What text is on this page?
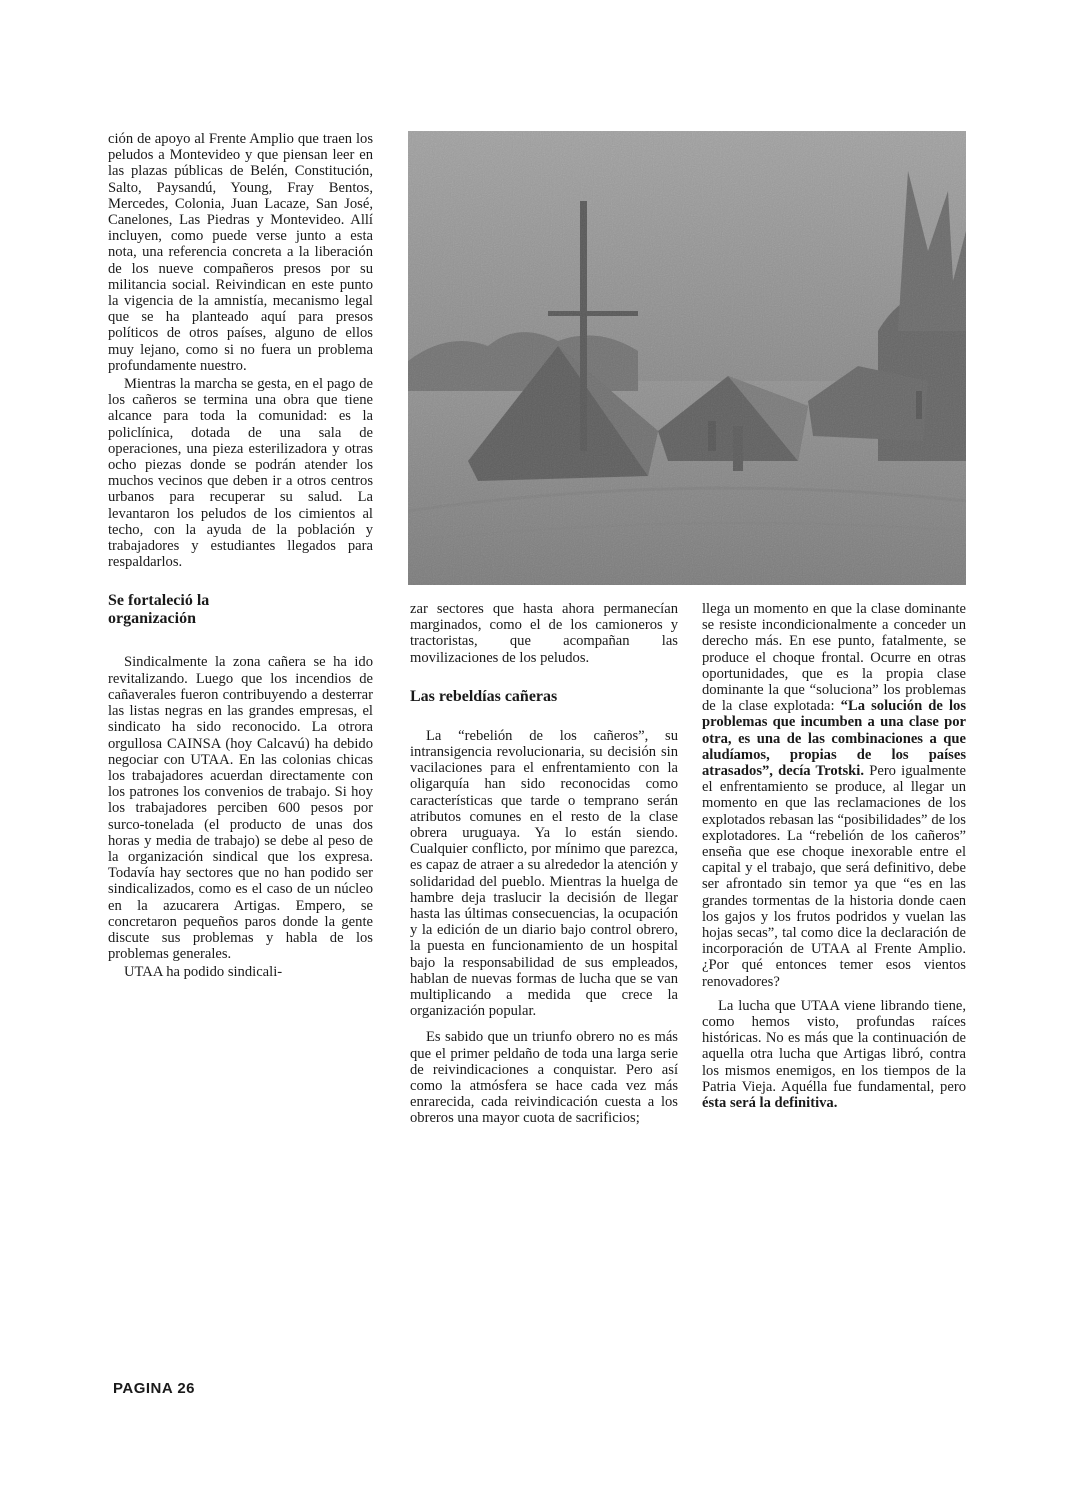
ción de apoyo al Frente Amplio que traen los peludos a Montevideo y que piensan leer en las plazas públicas de Belén, Constitución, Salto, Paysandú, Young, Fray Bentos, Mercedes, Colonia, Juan Lacaze, San José, Canelones, Las Piedras y Montevideo. Allí incluyen, como puede verse junto a esta nota, una referencia concreta a la liberación de los nueve compañeros presos por su militancia social. Reivindican en este punto la vigencia de la amnistía, mecanismo legal que se ha planteado aquí para presos políticos de otros países, alguno de ellos muy lejano, como si no fuera un problema profundamente nuestro.

Mientras la marcha se gesta, en el pago de los cañeros se termina una obra que tiene alcance para toda la comunidad: es la policlínica, dotada de una sala de operaciones, una pieza esterilizadora y otras ocho piezas donde se podrán atender los muchos vecinos que deben ir a otros centros urbanos para recuperar su salud. La levantaron los peludos de los cimientos al techo, con la ayuda de la población y trabajadores y estudiantes llegados para respaldarlos.

Se fortaleció la organización

Sindicalmente la zona cañera se ha ido revitalizando. Luego que los incendios de cañaverales fueron contribuyendo a desterrar las listas negras en las grandes empresas, el sindicato ha sido reconocido. La otrora orgullosa CAINSA (hoy Calcavú) ha debido negociar con UTAA. En las colonias chicas los trabajadores acuerdan directamente con los patrones los convenios de trabajo. Si hoy los trabajadores perciben 600 pesos por surco-tonelada (el producto de unas dos horas y media de trabajo) se debe al peso de la organización sindical que los expresa. Todavía hay sectores que no han podido ser sindicalizados, como es el caso de un núcleo en la azucarera Artigas. Empero, se concretaron pequeños paros donde la gente discute sus problemas y habla de los problemas generales.

UTAA ha podido sindicali-

zar sectores que hasta ahora permanecían marginados, como el de los camioneros y tractoristas, que acompañan las movilizaciones de los peludos.

Las rebeldías cañeras

La “rebelión de los cañeros”, su intransigencia revolucionaria, su decisión sin vacilaciones para el enfrentamiento con la oligarquía han sido reconocidas como características que tarde o temprano serán atributos comunes en el resto de la clase obrera uruguaya. Ya lo están siendo. Cualquier conflicto, por mínimo que parezca, es capaz de atraer a su alrededor la atención y solidaridad del pueblo. Mientras la huelga de hambre deja traslucir la decisión de llegar hasta las últimas consecuencias, la ocupación y la edición de un diario bajo control obrero, la puesta en funcionamiento de un hospital bajo la responsabilidad de sus empleados, hablan de nuevas formas de lucha que se van multiplicando a medida que crece la organización popular.

Es sabido que un triunfo obrero no es más que el primer peldaño de toda una larga serie de reivindicaciones a conquistar. Pero así como la atmósfera se hace cada vez más enrarecida, cada reivindicación cuesta a los obreros una mayor cuota de sacrificios;

llega un momento en que la clase dominante se resiste incondicionalmente a conceder un derecho más. En ese punto, fatalmente, se produce el choque frontal. Ocurre en otras oportunidades, que es la propia clase dominante la que “soluciona” los problemas de la clase explotada: “La solución de los problemas que incumben a una clase por otra, es una de las combinaciones a que aludíamos, propias de los países atrasados”, decía Trotski. Pero igualmente el enfrentamiento se produce, al llegar un momento en que las reclamaciones de los explotados rebasan las “posibilidades” de los explotadores. La “rebelión de los cañeros” enseña que ese choque inexorable entre el capital y el trabajo, que será definitivo, debe ser afrontado sin temor ya que “es en las grandes tormentas de la historia donde caen los gajos y los frutos podridos y vuelan las hojas secas”, tal como dice la declaración de incorporación de UTAA al Frente Amplio. ¿Por qué entonces temer esos vientos renovadores?

La lucha que UTAA viene librando tiene, como hemos visto, profundas raíces históricas. No es más que la continuación de aquella otra lucha que Artigas libró, contra los mismos enemigos, en los tiempos de la Patria Vieja. Aquélla fue fundamental, pero ésta será la definitiva.

PAGINA 26
